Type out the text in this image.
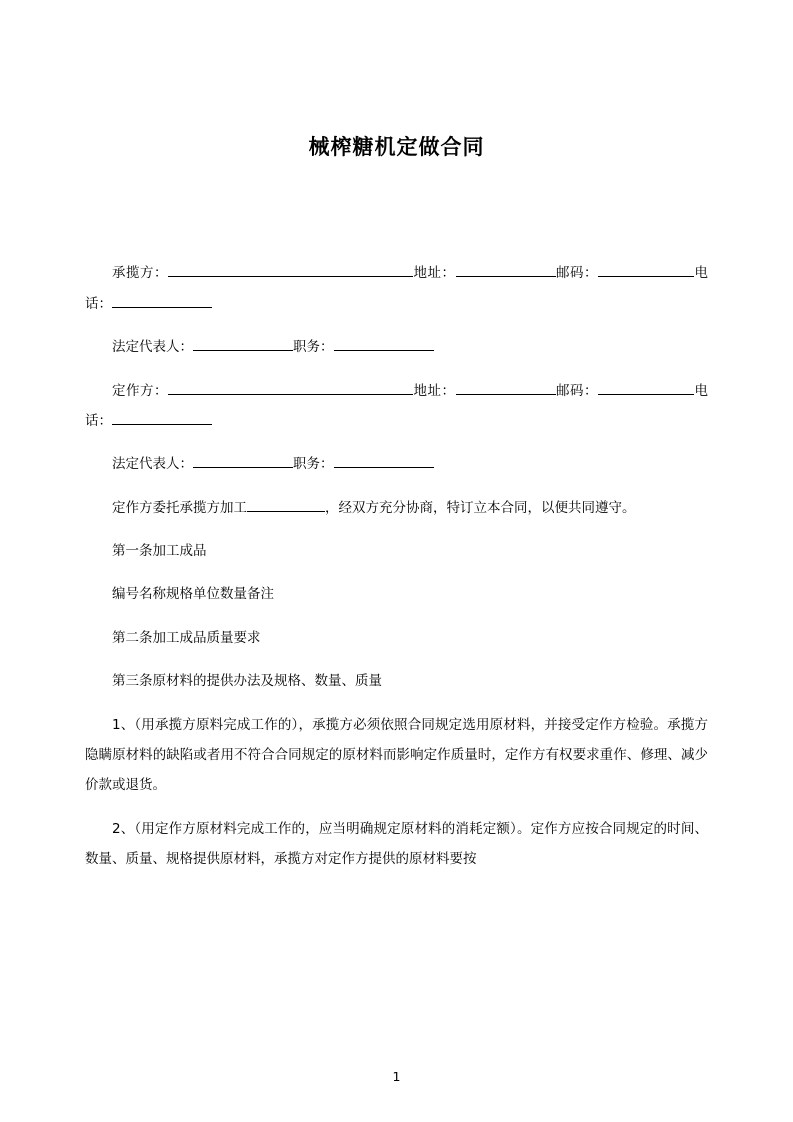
械榨糖机定做合同

承揽方：	地址：	邮码：	电话：

法定代表人：	职务：

定作方：	地址：	邮码：	电话：

法定代表人：	职务：

定作方委托承揽方加工	，经双方充分协商，特订立本合同，以便共同遵守。

第一条加工成品

编号名称规格单位数量备注

第二条加工成品质量要求

第三条原材料的提供办法及规格、数量、质量

1、（用承揽方原料完成工作的），承揽方必须依照合同规定选用原材料，并接受定作方检验。承揽方隐瞒原材料的缺陷或者用不符合合同规定的原材料而影响定作质量时，定作方有权要求重作、修理、减少价款或退货。

2、（用定作方原材料完成工作的，应当明确规定原材料的消耗定额）。定作方应按合同规定的时间、数量、质量、规格提供原材料，承揽方对定作方提供的原材料要按

1
